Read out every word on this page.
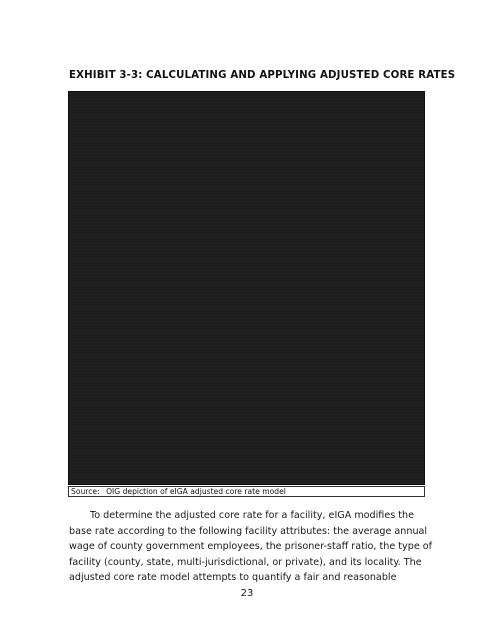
EXHIBIT 3-3: CALCULATING AND APPLYING ADJUSTED CORE RATES
Source: OIG depiction of eIGA adjusted core rate model
To determine the adjusted core rate for a facility, eIGA modifies the
base rate according to the following facility attributes: the average annual
wage of county government employees, the prisoner-staff ratio, the type of
facility (county, state, multi-jurisdictional, or private), and its locality. The
adjusted core rate model attempts to quantify a fair and reasonable
23
